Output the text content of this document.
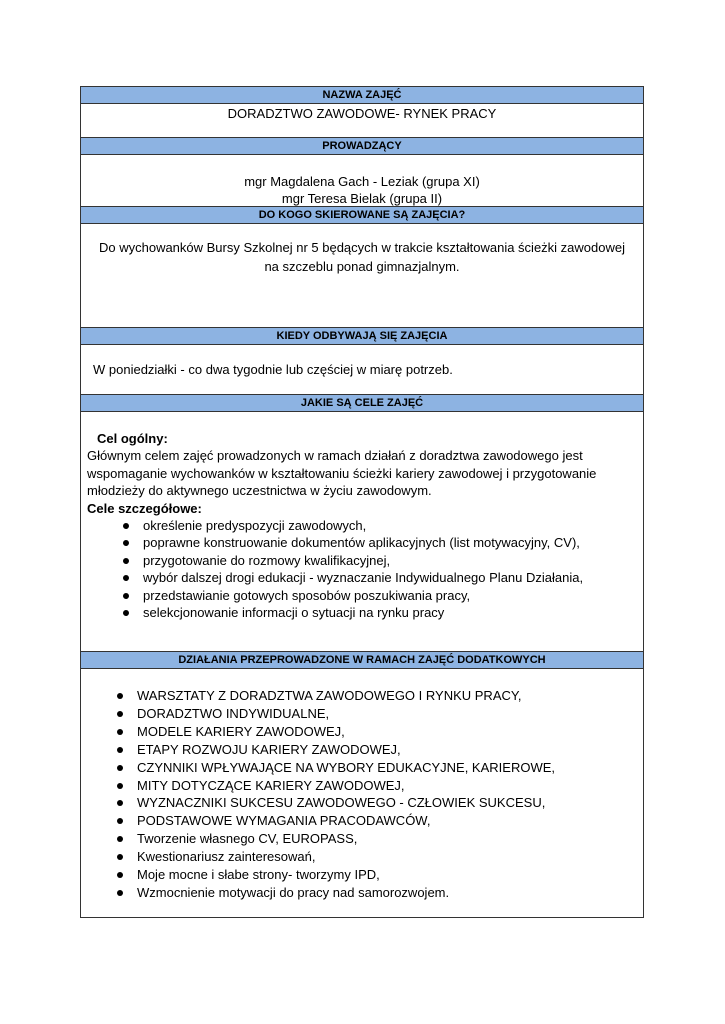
NAZWA ZAJĘĆ
DORADZTWO ZAWODOWE- RYNEK PRACY
PROWADZĄCY
mgr Magdalena Gach - Leziak (grupa XI)
mgr Teresa Bielak (grupa II)
DO KOGO SKIEROWANE SĄ ZAJĘCIA?
Do wychowanków Bursy Szkolnej nr 5 będących w trakcie kształtowania ścieżki zawodowej na szczeblu ponad gimnazjalnym.
KIEDY ODBYWAJĄ SIĘ ZAJĘCIA
W poniedziałki - co dwa tygodnie lub częściej w miarę potrzeb.
JAKIE SĄ CELE ZAJĘĆ
Cel ogólny:
Głównym celem zajęć prowadzonych w ramach działań z doradztwa zawodowego jest wspomaganie wychowanków w kształtowaniu ścieżki kariery zawodowej i przygotowanie młodzieży do aktywnego uczestnictwa w życiu zawodowym.
Cele szczegółowe:
określenie predyspozycji zawodowych,
poprawne konstruowanie dokumentów aplikacyjnych (list motywacyjny, CV),
przygotowanie do rozmowy kwalifikacyjnej,
wybór dalszej drogi edukacji - wyznaczanie Indywidualnego Planu Działania,
przedstawianie gotowych sposobów poszukiwania pracy,
selekcjonowanie informacji o sytuacji na rynku pracy
DZIAŁANIA PRZEPROWADZONE W RAMACH ZAJĘĆ DODATKOWYCH
WARSZTATY Z DORADZTWA ZAWODOWEGO I RYNKU PRACY,
DORADZTWO INDYWIDUALNE,
MODELE KARIERY ZAWODOWEJ,
ETAPY ROZWOJU KARIERY ZAWODOWEJ,
CZYNNIKI WPŁYWAJĄCE NA WYBORY EDUKACYJNE, KARIEROWE,
MITY DOTYCZĄCE KARIERY ZAWODOWEJ,
WYZNACZNIKI SUKCESU ZAWODOWEGO - CZŁOWIEK SUKCESU,
PODSTAWOWE WYMAGANIA PRACODAWCÓW,
Tworzenie własnego CV, EUROPASS,
Kwestionariusz zainteresowań,
Moje mocne i słabe strony- tworzymy IPD,
Wzmocnienie motywacji do pracy nad samorozwojem.
